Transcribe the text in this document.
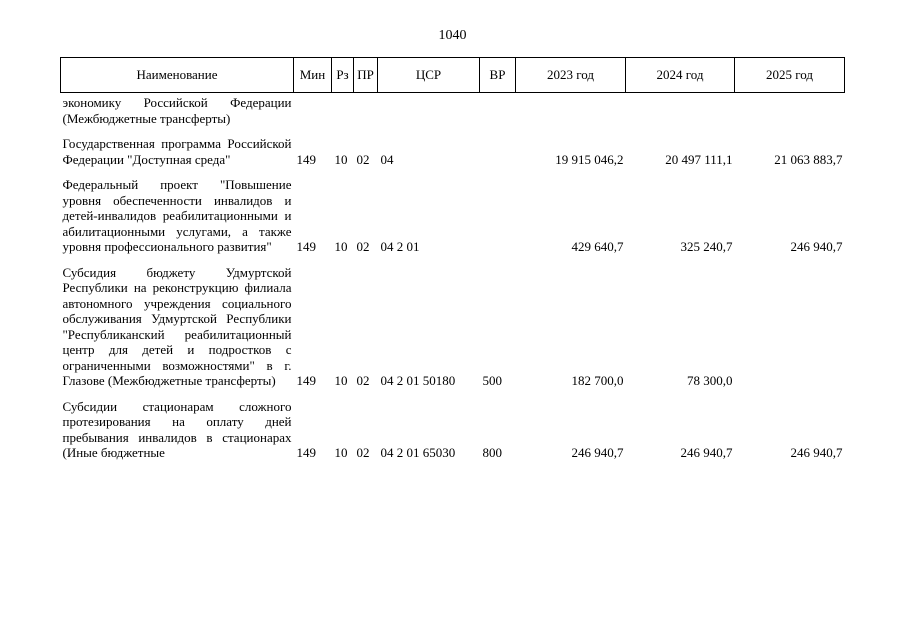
1040
Наименование	Мин	Рз	ПР	ЦСР	ВР	2023 год	2024 год	2025 год
экономику Российской Федерации (Межбюджетные трансферты)								
Государственная программа Российской Федерации "Доступная среда"	149	10	02	04		19 915 046,2	20 497 111,1	21 063 883,7
Федеральный проект "Повышение уровня обеспеченности инвалидов и детей-инвалидов реабилитационными и абилитационными услугами, а также уровня профессионального развития"	149	10	02	04 2 01		429 640,7	325 240,7	246 940,7
Субсидия бюджету Удмуртской Республики на реконструкцию филиала автономного учреждения социального обслуживания Удмуртской Республики "Республиканский реабилитационный центр для детей и подростков с ограниченными возможностями" в г. Глазове (Межбюджетные трансферты)	149	10	02	04 2 01 50180	500	182 700,0	78 300,0	
Субсидии стационарам сложного протезирования на оплату дней пребывания инвалидов в стационарах (Иные бюджетные	149	10	02	04 2 01 65030	800	246 940,7	246 940,7	246 940,7
